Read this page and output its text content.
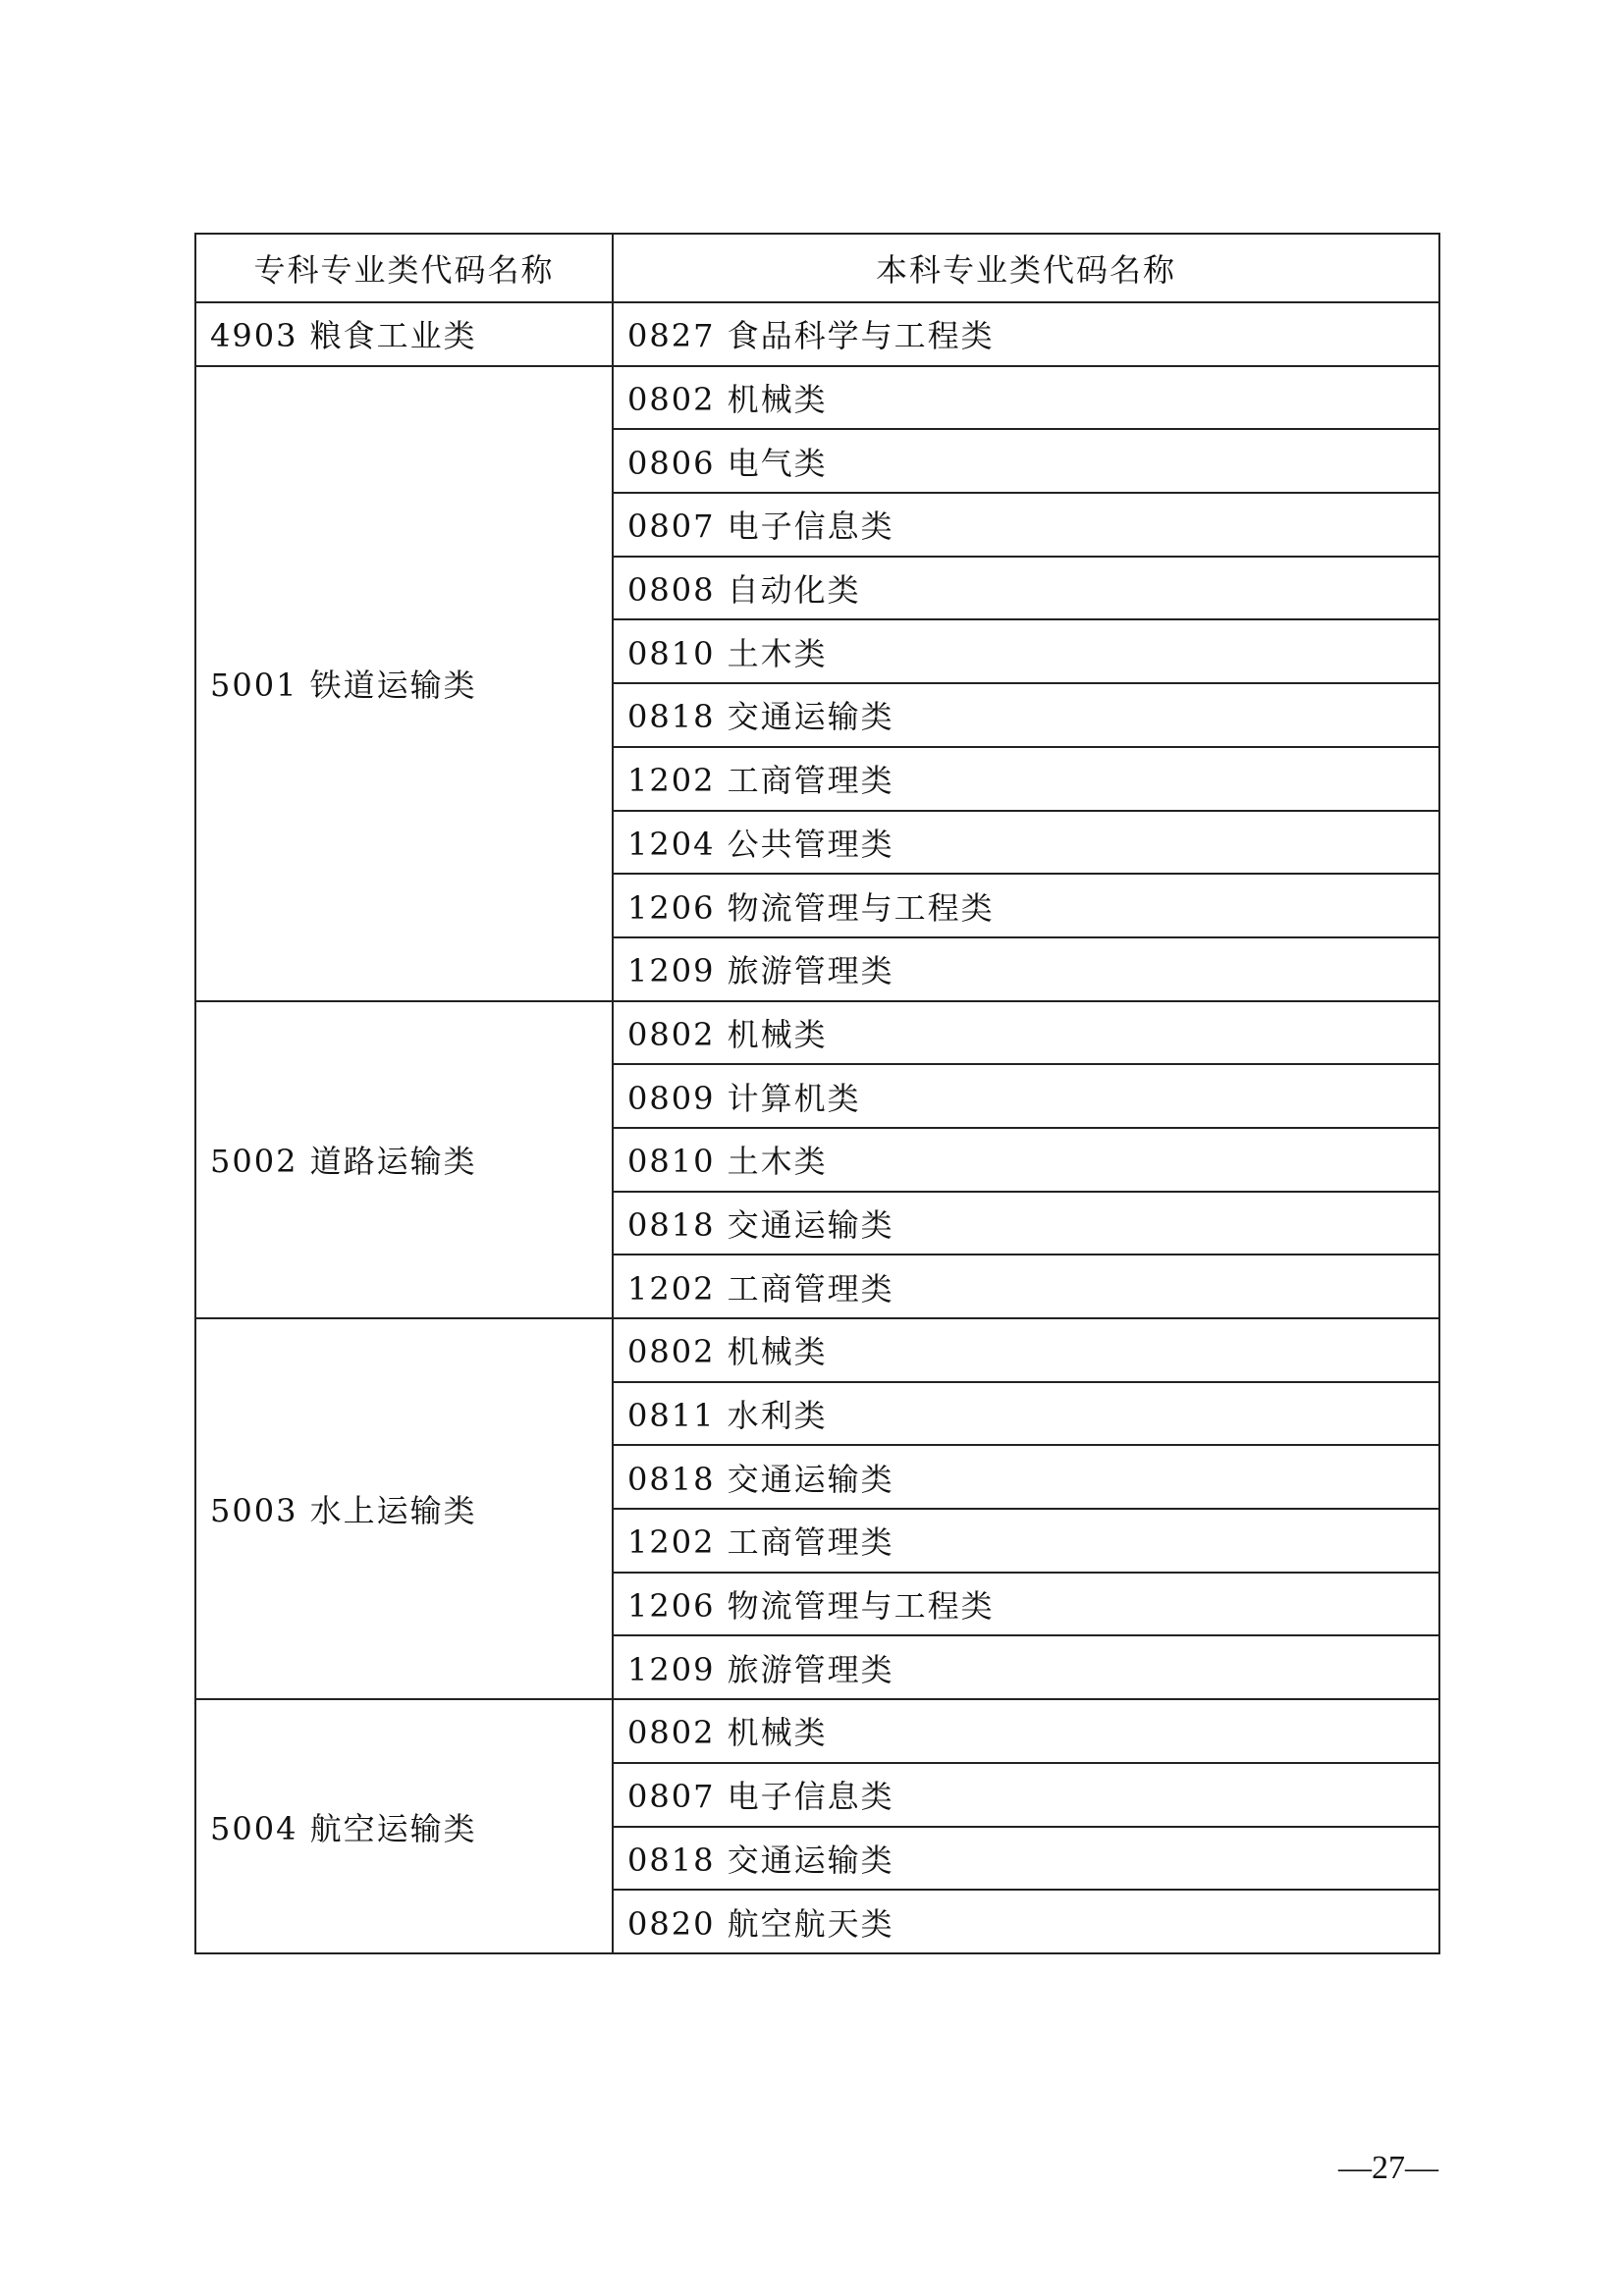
专科专业类代码名称	本科专业类代码名称
4903 粮食工业类	0827 食品科学与工程类
5001 铁道运输类	0802 机械类
	0806 电气类
	0807 电子信息类
	0808 自动化类
	0810 土木类
	0818 交通运输类
	1202 工商管理类
	1204 公共管理类
	1206 物流管理与工程类
	1209 旅游管理类
5002 道路运输类	0802 机械类
	0809 计算机类
	0810 土木类
	0818 交通运输类
	1202 工商管理类
5003 水上运输类	0802 机械类
	0811 水利类
	0818 交通运输类
	1202 工商管理类
	1206 物流管理与工程类
	1209 旅游管理类
5004 航空运输类	0802 机械类
	0807 电子信息类
	0818 交通运输类
	0820 航空航天类
—27—
